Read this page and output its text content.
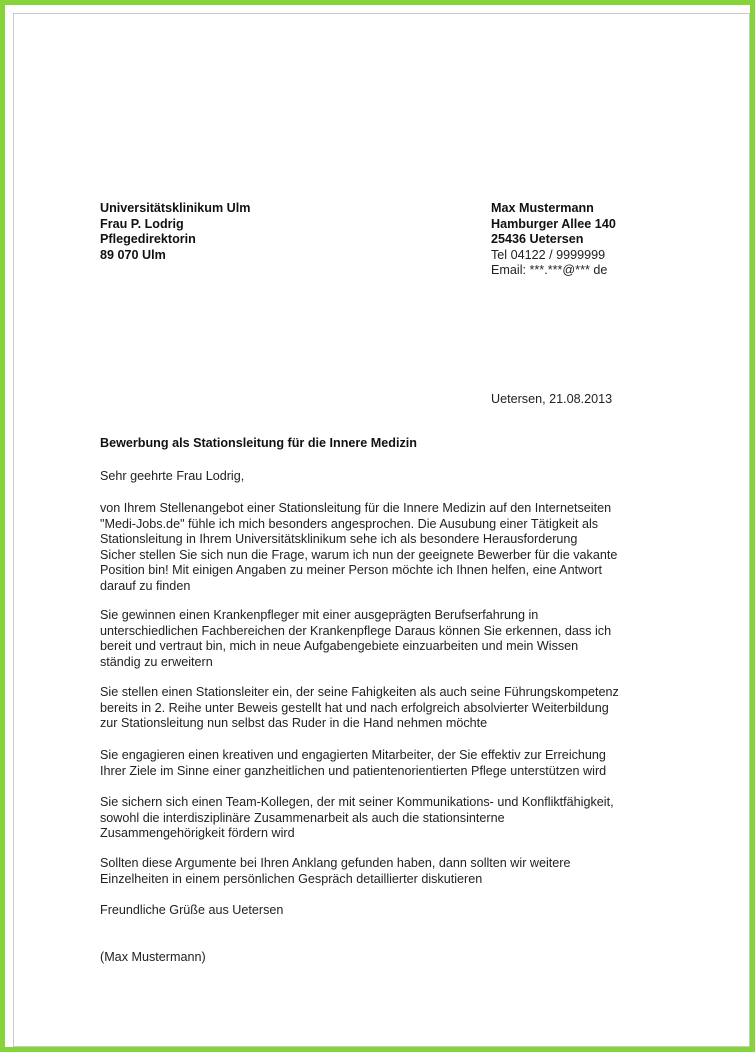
Universitätsklinikum Ulm
Frau P. Lodrig
Pflegedirektorin
89 070 Ulm
Max Mustermann
Hamburger Allee 140
25436 Uetersen
Tel 04122 / 9999999
Email: ***.***@*** de
Uetersen, 21.08.2013
Bewerbung als Stationsleitung für die Innere Medizin
Sehr geehrte Frau Lodrig,
von Ihrem Stellenangebot einer Stationsleitung für die Innere Medizin auf den Internetseiten
"Medi-Jobs.de" fühle ich mich besonders angesprochen. Die Ausubung einer Tätigkeit als
Stationsleitung in Ihrem Universitätsklinikum sehe ich als besondere Herausforderung
Sicher stellen Sie sich nun die Frage, warum ich nun der geeignete Bewerber für die vakante
Position bin! Mit einigen Angaben zu meiner Person möchte ich Ihnen helfen, eine Antwort
darauf zu finden
Sie gewinnen einen Krankenpfleger mit einer ausgeprägten Berufserfahrung in
unterschiedlichen Fachbereichen der Krankenpflege Daraus können Sie erkennen, dass ich
bereit und vertraut bin, mich in neue Aufgabengebiete einzuarbeiten und mein Wissen
ständig zu erweitern
Sie stellen einen Stationsleiter ein, der seine Fahigkeiten als auch seine Führungskompetenz
bereits in 2. Reihe unter Beweis gestellt hat und nach erfolgreich absolvierter Weiterbildung
zur Stationsleitung nun selbst das Ruder in die Hand nehmen möchte
Sie engagieren einen kreativen und engagierten Mitarbeiter, der Sie effektiv zur Erreichung
Ihrer Ziele im Sinne einer ganzheitlichen und patientenorientierten Pflege unterstützen wird
Sie sichern sich einen Team-Kollegen, der mit seiner Kommunikations- und Konfliktfähigkeit,
sowohl die interdisziplinäre Zusammenarbeit als auch die stationsinterne
Zusammengehörigkeit fördern wird
Sollten diese Argumente bei Ihren Anklang gefunden haben, dann sollten wir weitere
Einzelheiten in einem persönlichen Gespräch detaillierter diskutieren
Freundliche Grüße aus Uetersen
(Max Mustermann)
